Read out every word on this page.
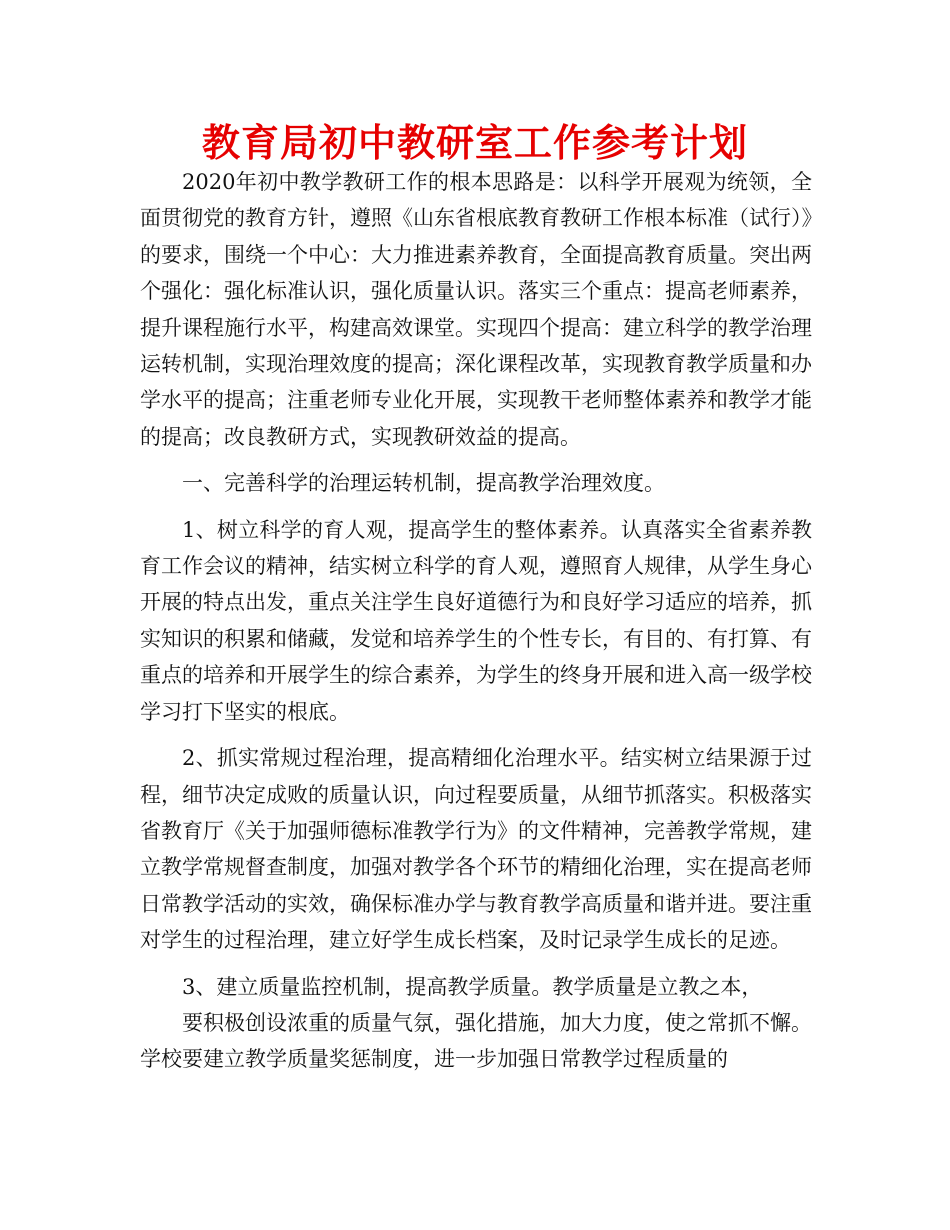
教育局初中教研室工作参考计划

2020年初中教学教研工作的根本思路是：以科学开展观为统领，全面贯彻党的教育方针，遵照《山东省根底教育教研工作根本标准（试行）》的要求，围绕一个中心：大力推进素养教育，全面提高教育质量。突出两个强化：强化标准认识，强化质量认识。落实三个重点：提高老师素养，提升课程施行水平，构建高效课堂。实现四个提高：建立科学的教学治理运转机制，实现治理效度的提高；深化课程改革，实现教育教学质量和办学水平的提高；注重老师专业化开展，实现教干老师整体素养和教学才能的提高；改良教研方式，实现教研效益的提高。

一、完善科学的治理运转机制，提高教学治理效度。

1、树立科学的育人观，提高学生的整体素养。认真落实全省素养教育工作会议的精神，结实树立科学的育人观，遵照育人规律，从学生身心开展的特点出发，重点关注学生良好道德行为和良好学习适应的培养，抓实知识的积累和储藏，发觉和培养学生的个性专长，有目的、有打算、有重点的培养和开展学生的综合素养，为学生的终身开展和进入高一级学校学习打下坚实的根底。

2、抓实常规过程治理，提高精细化治理水平。结实树立结果源于过程，细节决定成败的质量认识，向过程要质量，从细节抓落实。积极落实省教育厅《关于加强师德标准教学行为》的文件精神，完善教学常规，建立教学常规督查制度，加强对教学各个环节的精细化治理，实在提高老师日常教学活动的实效，确保标准办学与教育教学高质量和谐并进。要注重对学生的过程治理，建立好学生成长档案，及时记录学生成长的足迹。

3、建立质量监控机制，提高教学质量。教学质量是立教之本，

要积极创设浓重的质量气氛，强化措施，加大力度，使之常抓不懈。学校要建立教学质量奖惩制度，进一步加强日常教学过程质量的
